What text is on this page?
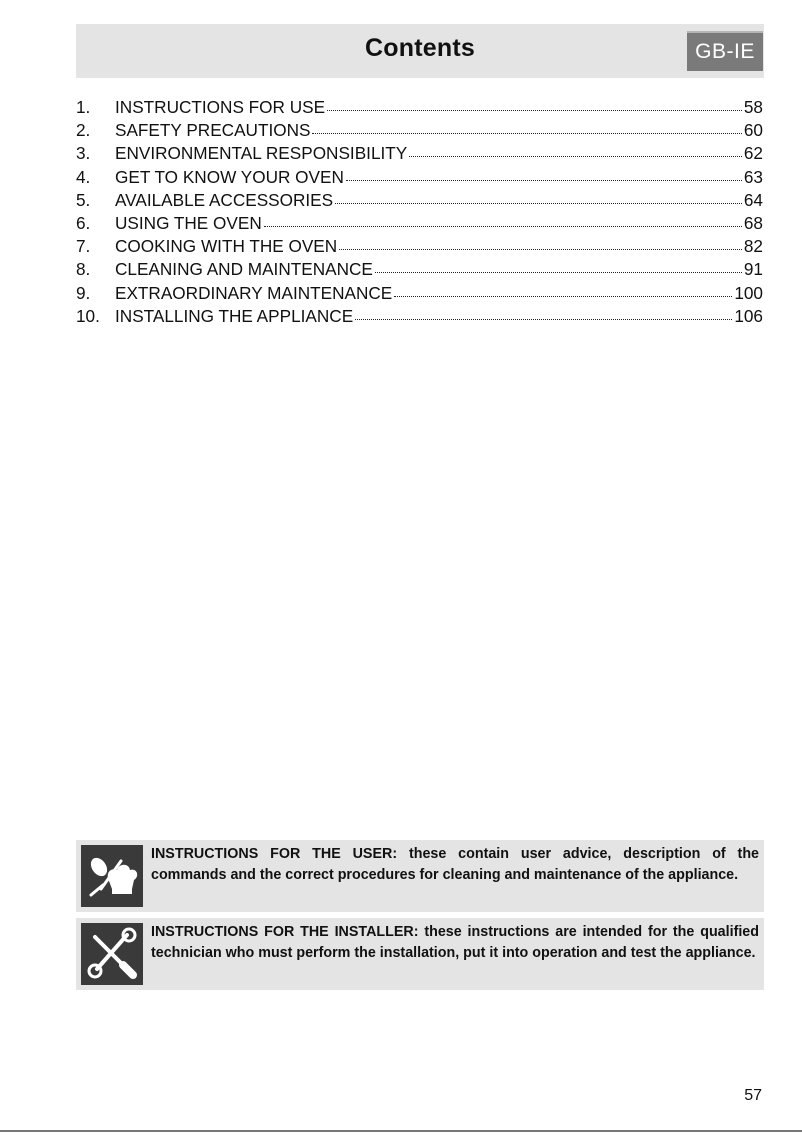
Contents	GB-IE
1.	INSTRUCTIONS FOR USE	58
2.	SAFETY PRECAUTIONS	60
3.	ENVIRONMENTAL RESPONSIBILITY	62
4.	GET TO KNOW YOUR OVEN	63
5.	AVAILABLE ACCESSORIES	64
6.	USING THE OVEN	68
7.	COOKING WITH THE OVEN	82
8.	CLEANING AND MAINTENANCE	91
9.	EXTRAORDINARY MAINTENANCE	100
10. INSTALLING THE APPLIANCE	106
INSTRUCTIONS FOR THE USER: these contain user advice, description of the commands and the correct procedures for cleaning and maintenance of the appliance.
INSTRUCTIONS FOR THE INSTALLER: these instructions are intended for the qualified technician who must perform the installation, put it into operation and test the appliance.
57
